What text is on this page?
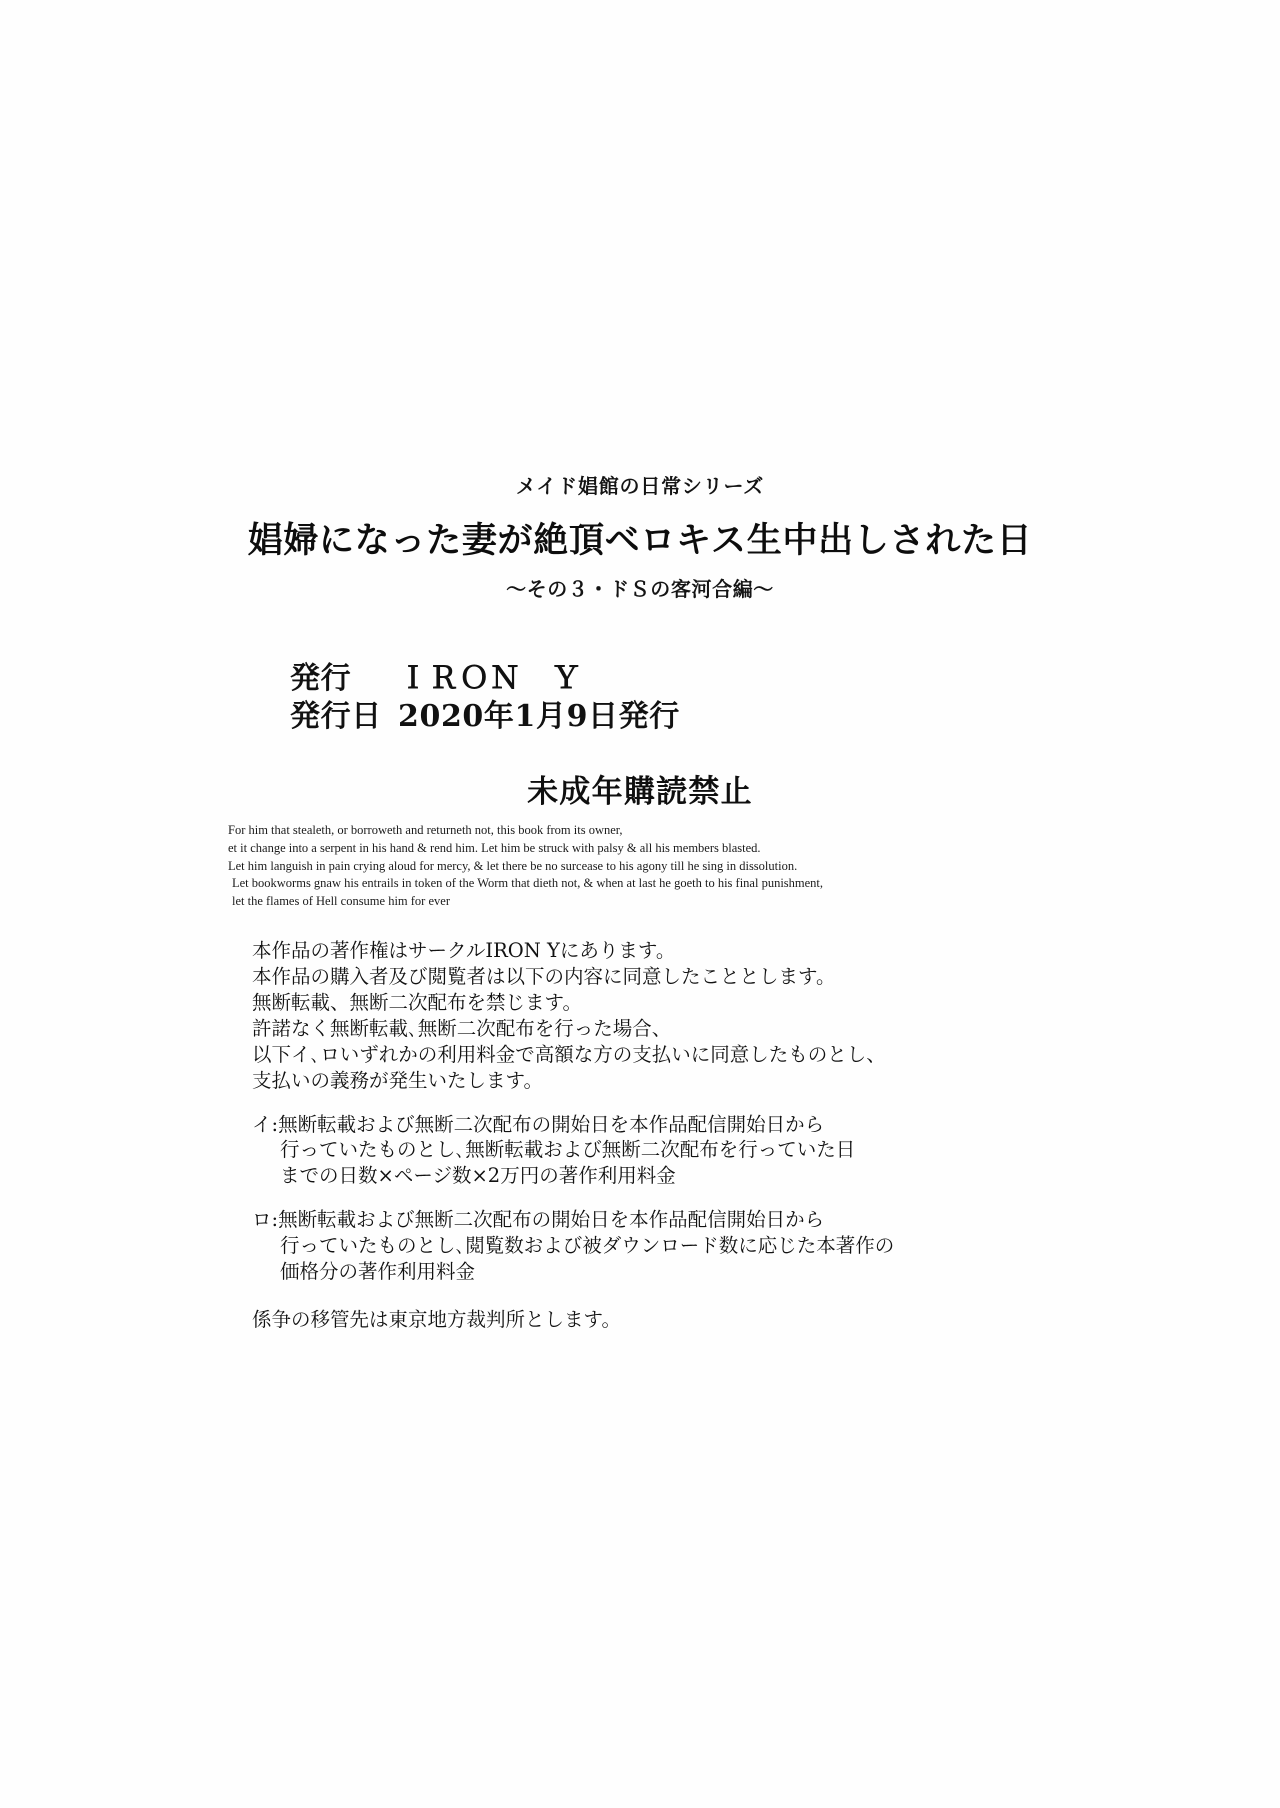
メイド娼館の日常シリーズ
娼婦になった妻が絶頂ベロキス生中出しされた日
〜その３・ドＳの客河合編〜
発行 ＩＲＯＮ　Ｙ
発行日 2020年1月9日発行
未成年購読禁止
For him that stealeth, or borroweth and returneth not, this book from its owner,
et it change into a serpent in his hand & rend him. Let him be struck with palsy & all his members blasted.
Let him languish in pain crying aloud for mercy, & let there be no surcease to his agony till he sing in dissolution.
Let bookworms gnaw his entrails in token of the Worm that dieth not, & when at last he goeth to his final punishment,
let the flames of Hell consume him for ever

本作品の著作権はサークルIRON Yにあります。

本作品の購入者及び閲覧者は以下の内容に同意したこととします。

無断転載、無断二次配布を禁じます。

許諾なく無断転載､無断二次配布を行った場合、

以下イ､ロいずれかの利用料金で高額な方の支払いに同意したものとし、

支払いの義務が発生いたします。

イ:無断転載および無断二次配布の開始日を本作品配信開始日から

行っていたものとし､無断転載および無断二次配布を行っていた日

までの日数×ページ数×2万円の著作利用料金

ロ:無断転載および無断二次配布の開始日を本作品配信開始日から

行っていたものとし､閲覧数および被ダウンロード数に応じた本著作の

価格分の著作利用料金

係争の移管先は東京地方裁判所とします。
